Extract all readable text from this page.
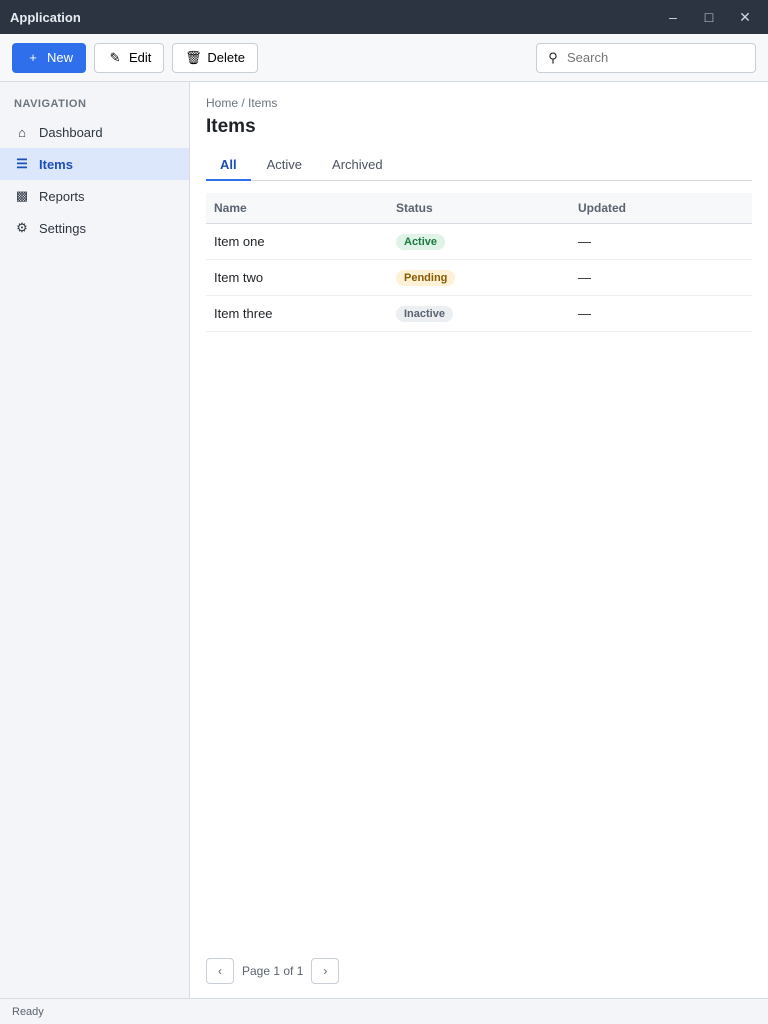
Application	–	□	✕
+ New	✎ Edit	🗑 Delete	⚲
Search
NAVIGATION
⌂	Dashboard
☰ Items
▩ Reports
⚙ Settings
Home / Items
Items
All	Active	Archived
Name	Status	Updated
Item one	Active	—
Item two	Pending	—
Item three	Inactive	—
‹	Page 1 of 1	›
Ready
